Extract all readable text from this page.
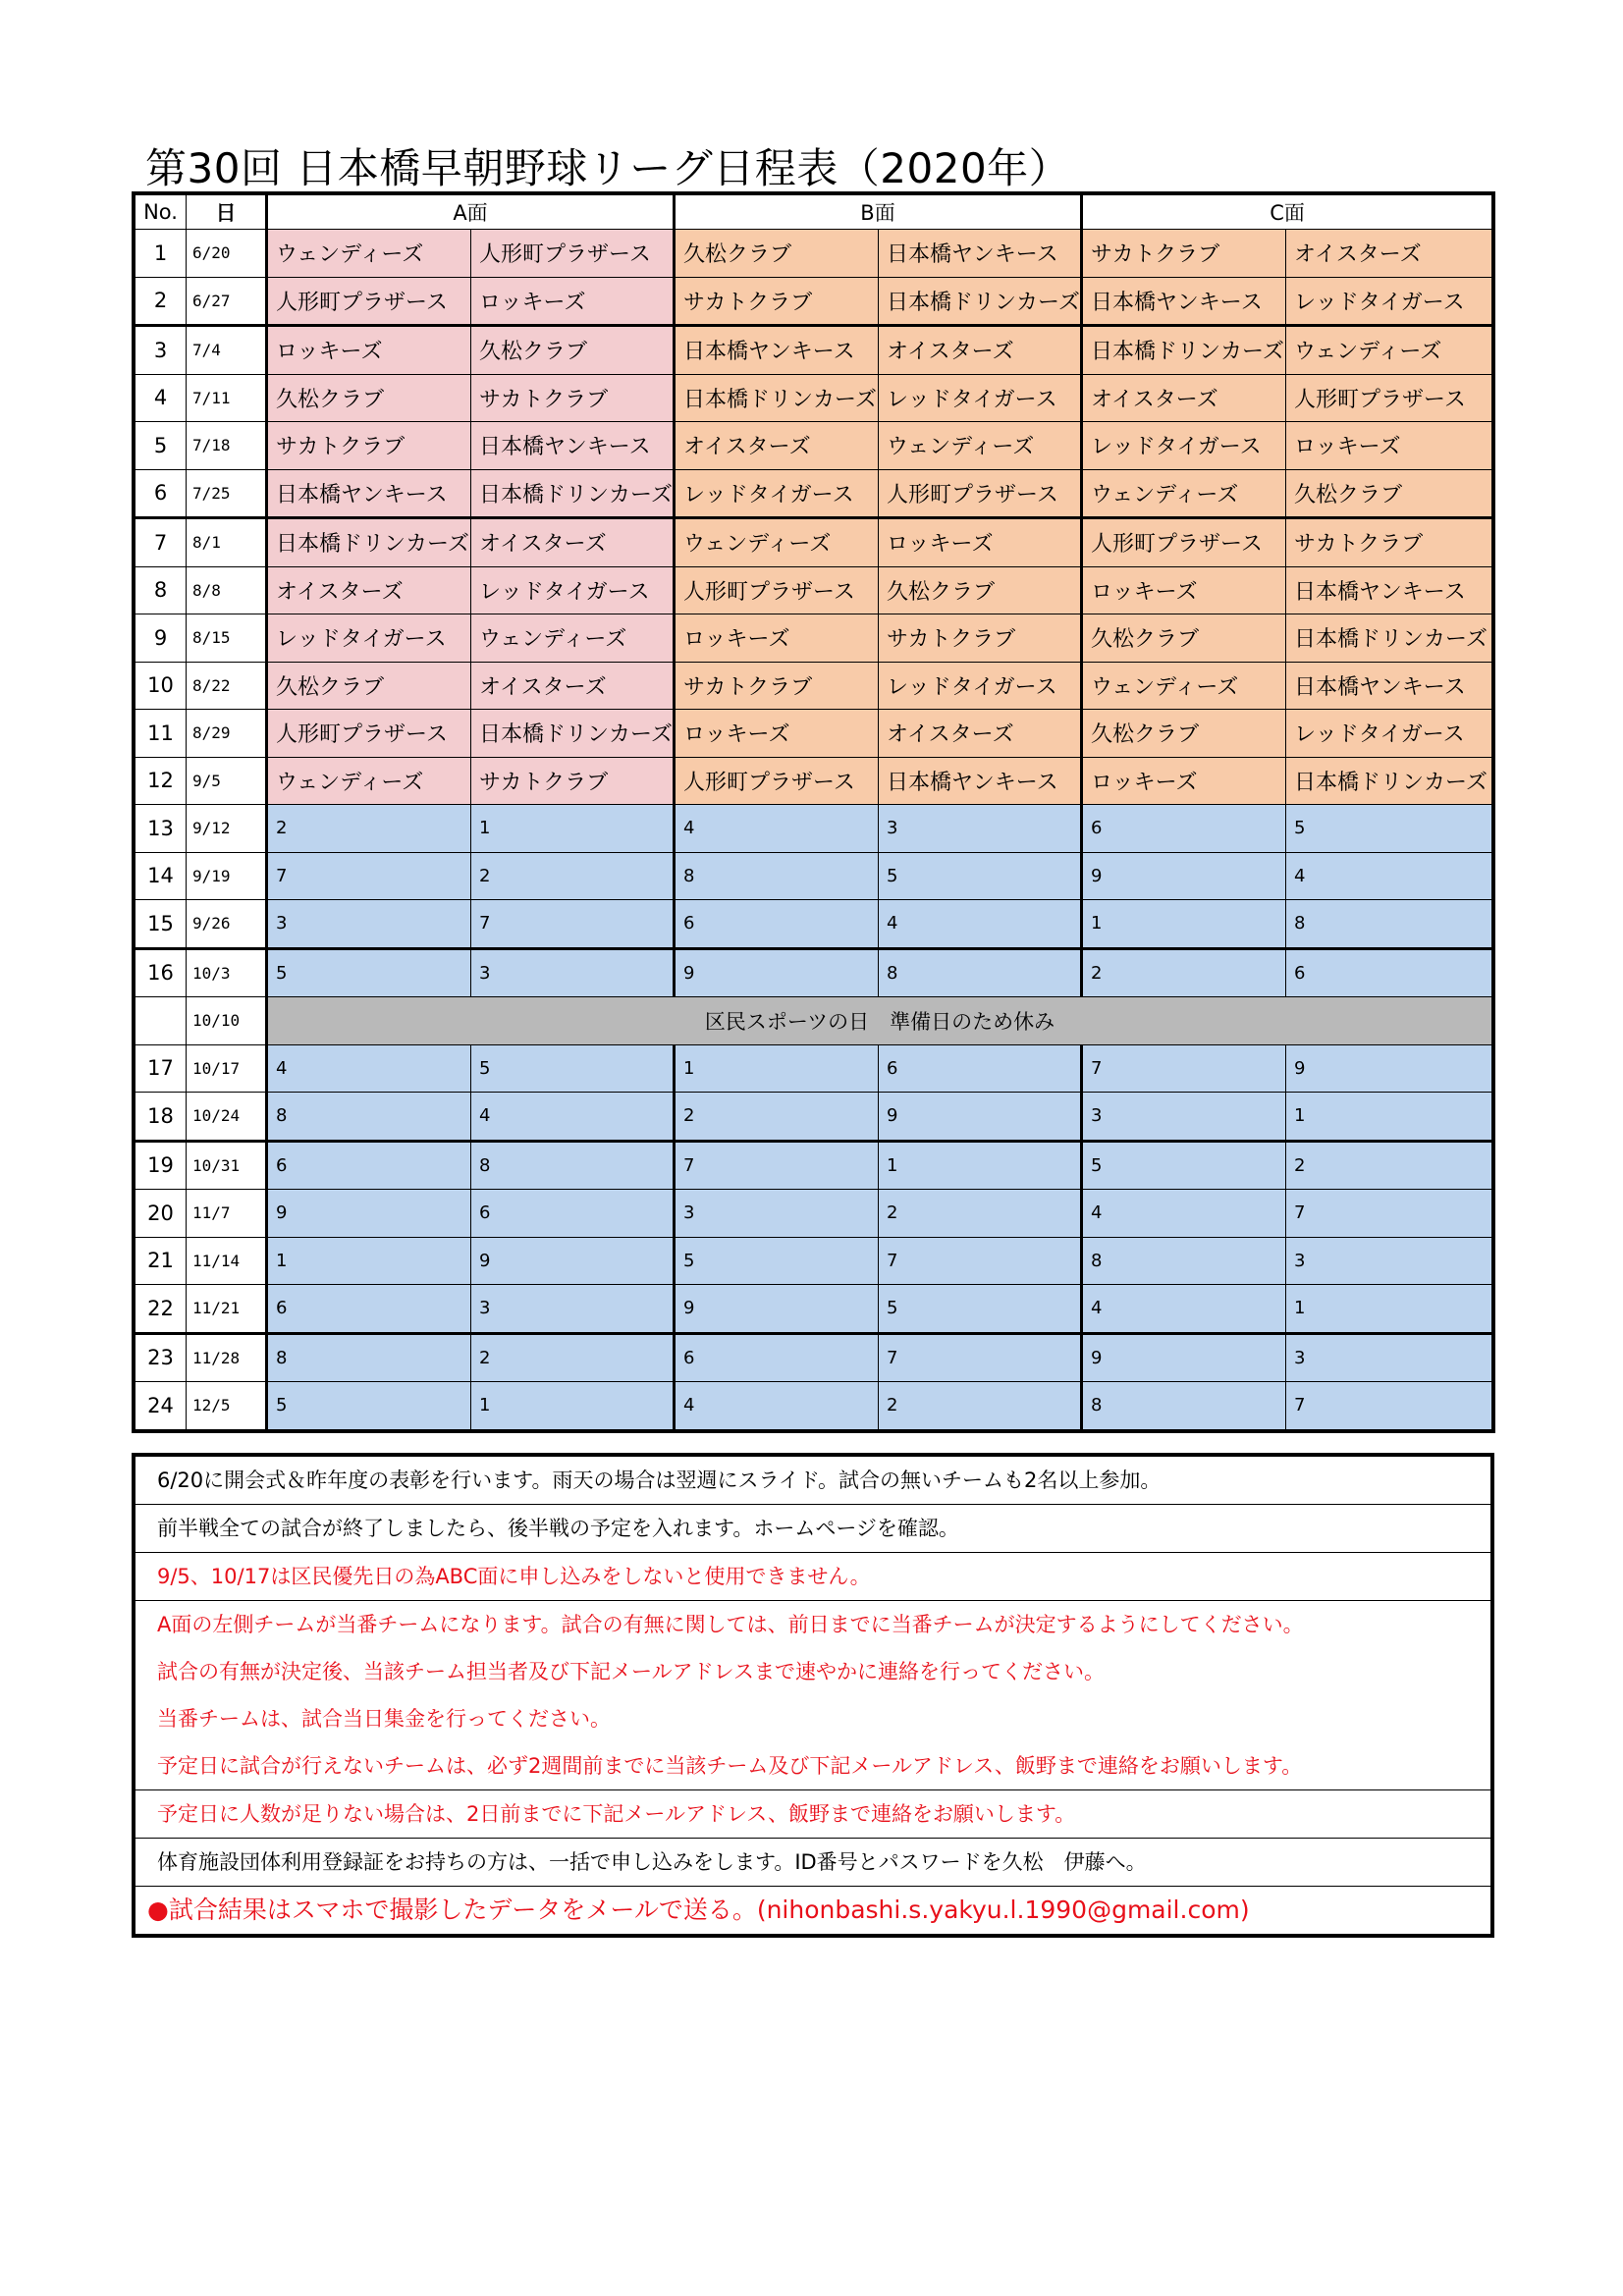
第30回 日本橋早朝野球リーグ日程表（2020年）
No.	日	A面		B面		C面	
1	6/20	ウェンディーズ	人形町プラザース	久松クラブ	日本橋ヤンキース	サカトクラブ	オイスターズ
2	6/27	人形町プラザース	ロッキーズ	サカトクラブ	日本橋ドリンカーズ	日本橋ヤンキース	レッドタイガース
3	7/4	ロッキーズ	久松クラブ	日本橋ヤンキース	オイスターズ	日本橋ドリンカーズ	ウェンディーズ
4	7/11	久松クラブ	サカトクラブ	日本橋ドリンカーズ	レッドタイガース	オイスターズ	人形町プラザース
5	7/18	サカトクラブ	日本橋ヤンキース	オイスターズ	ウェンディーズ	レッドタイガース	ロッキーズ
6	7/25	日本橋ヤンキース	日本橋ドリンカーズ	レッドタイガース	人形町プラザース	ウェンディーズ	久松クラブ
7	8/1	日本橋ドリンカーズ	オイスターズ	ウェンディーズ	ロッキーズ	人形町プラザース	サカトクラブ
8	8/8	オイスターズ	レッドタイガース	人形町プラザース	久松クラブ	ロッキーズ	日本橋ヤンキース
9	8/15	レッドタイガース	ウェンディーズ	ロッキーズ	サカトクラブ	久松クラブ	日本橋ドリンカーズ
10	8/22	久松クラブ	オイスターズ	サカトクラブ	レッドタイガース	ウェンディーズ	日本橋ヤンキース
11	8/29	人形町プラザース	日本橋ドリンカーズ	ロッキーズ	オイスターズ	久松クラブ	レッドタイガース
12	9/5	ウェンディーズ	サカトクラブ	人形町プラザース	日本橋ヤンキース	ロッキーズ	日本橋ドリンカーズ
13	9/12	2	1	4	3	6	5
14	9/19	7	2	8	5	9	4
15	9/26	3	7	6	4	1	8
16	10/3	5	3	9	8	2	6
	10/10	区民スポーツの日　準備日のため休み					
17	10/17	4	5	1	6	7	9
18	10/24	8	4	2	9	3	1
19	10/31	6	8	7	1	5	2
20	11/7	9	6	3	2	4	7
21	11/14	1	9	5	7	8	3
22	11/21	6	3	9	5	4	1
23	11/28	8	2	6	7	9	3
24	12/5	5	1	4	2	8	7
6/20に開会式＆昨年度の表彰を行います。雨天の場合は翌週にスライド。試合の無いチームも2名以上参加。
前半戦全ての試合が終了しましたら、後半戦の予定を入れます。ホームページを確認。
9/5、10/17は区民優先日の為ABC面に申し込みをしないと使用できません。

A面の左側チームが当番チームになります。試合の有無に関しては、前日までに当番チームが決定するようにしてください。
試合の有無が決定後、当該チーム担当者及び下記メールアドレスまで速やかに連絡を行ってください。
当番チームは、試合当日集金を行ってください。
予定日に試合が行えないチームは、必ず2週間前までに当該チーム及び下記メールアドレス、飯野まで連絡をお願いします。

予定日に人数が足りない場合は、2日前までに下記メールアドレス、飯野まで連絡をお願いします。
体育施設団体利用登録証をお持ちの方は、一括で申し込みをします。ID番号とパスワードを久松　伊藤へ。
●試合結果はスマホで撮影したデータをメールで送る。(nihonbashi.s.yakyu.l.1990@gmail.com)
